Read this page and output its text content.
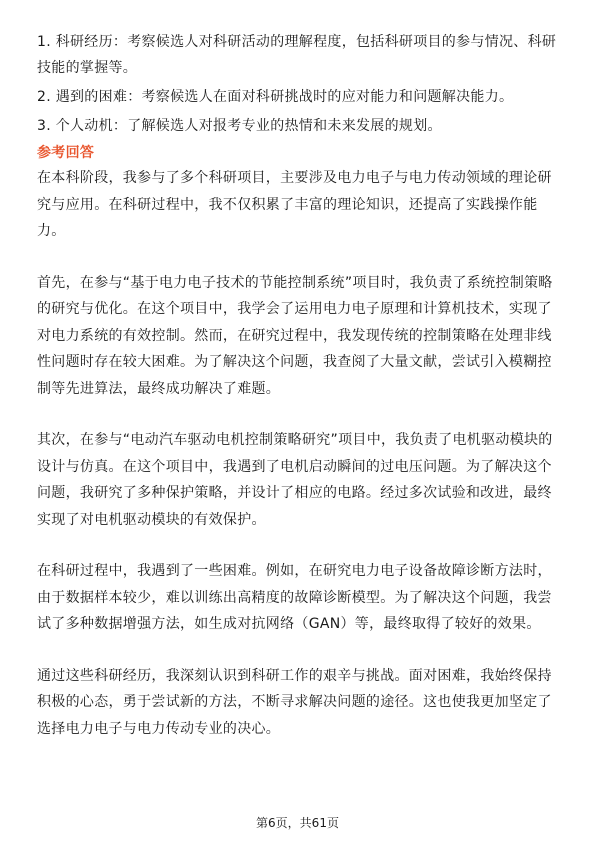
1. 科研经历：考察候选人对科研活动的理解程度，包括科研项目的参与情况、科研技能的掌握等。

2. 遇到的困难：考察候选人在面对科研挑战时的应对能力和问题解决能力。

3. 个人动机：了解候选人对报考专业的热情和未来发展的规划。

参考回答

在本科阶段，我参与了多个科研项目，主要涉及电力电子与电力传动领域的理论研究与应用。在科研过程中，我不仅积累了丰富的理论知识，还提高了实践操作能力。

首先，在参与“基于电力电子技术的节能控制系统”项目时，我负责了系统控制策略的研究与优化。在这个项目中，我学会了运用电力电子原理和计算机技术，实现了对电力系统的有效控制。然而，在研究过程中，我发现传统的控制策略在处理非线性问题时存在较大困难。为了解决这个问题，我查阅了大量文献，尝试引入模糊控制等先进算法，最终成功解决了难题。

其次，在参与“电动汽车驱动电机控制策略研究”项目中，我负责了电机驱动模块的设计与仿真。在这个项目中，我遇到了电机启动瞬间的过电压问题。为了解决这个问题，我研究了多种保护策略，并设计了相应的电路。经过多次试验和改进，最终实现了对电机驱动模块的有效保护。

在科研过程中，我遇到了一些困难。例如，在研究电力电子设备故障诊断方法时，由于数据样本较少，难以训练出高精度的故障诊断模型。为了解决这个问题，我尝试了多种数据增强方法，如生成对抗网络（GAN）等，最终取得了较好的效果。

通过这些科研经历，我深刻认识到科研工作的艰辛与挑战。面对困难，我始终保持积极的心态，勇于尝试新的方法，不断寻求解决问题的途径。这也使我更加坚定了选择电力电子与电力传动专业的决心。

第6页，共61页
